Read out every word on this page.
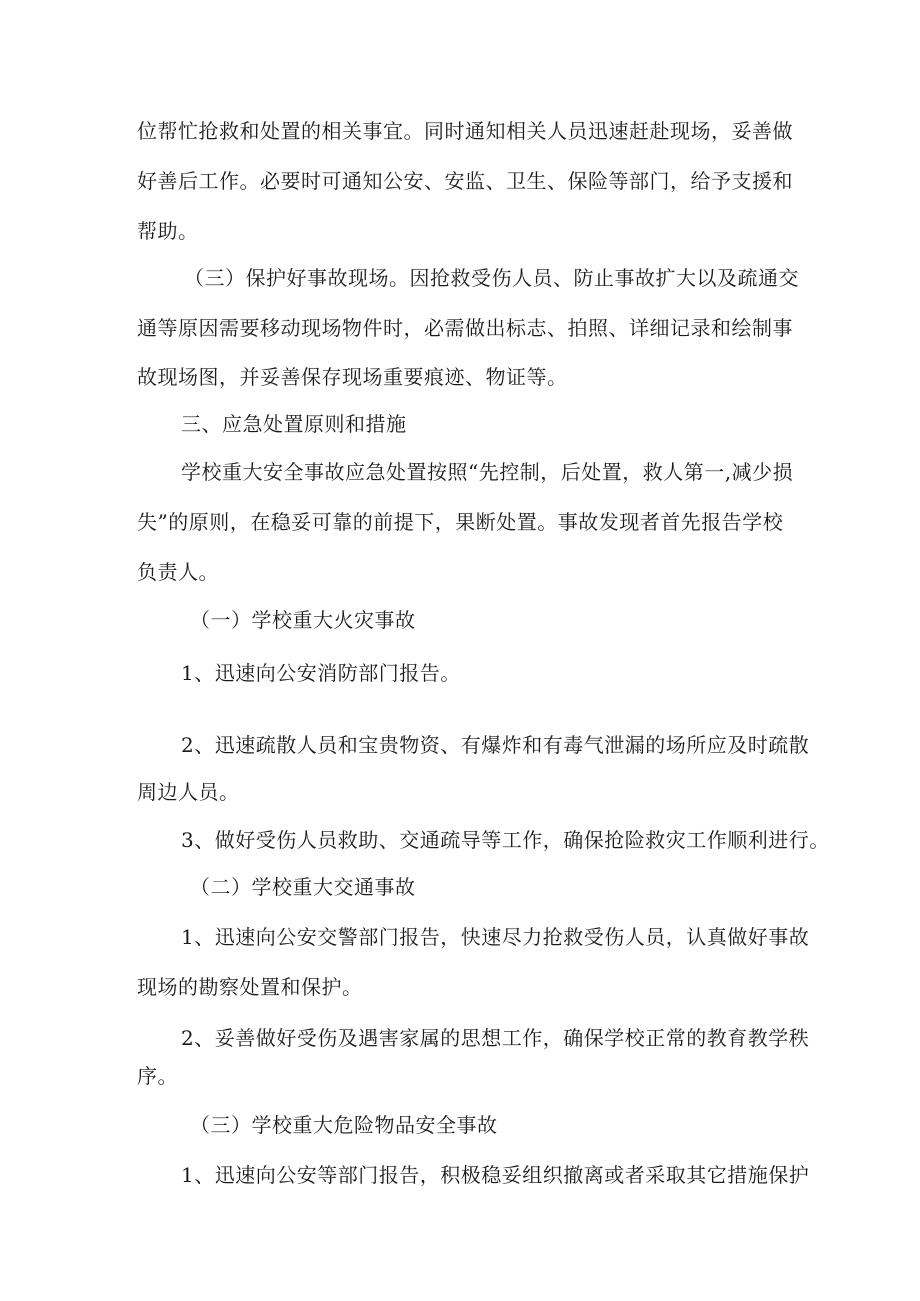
位帮忙抢救和处置的相关事宜。同时通知相关人员迅速赶赴现场，妥善做
好善后工作。必要时可通知公安、安监、卫生、保险等部门，给予支援和
帮助。
（三）保护好事故现场。因抢救受伤人员、防止事故扩大以及疏通交
通等原因需要移动现场物件时，必需做出标志、拍照、详细记录和绘制事
故现场图，并妥善保存现场重要痕迹、物证等。
三、应急处置原则和措施
学校重大安全事故应急处置按照“先控制，后处置，救人第一,减少损
失”的原则，在稳妥可靠的前提下，果断处置。事故发现者首先报告学校
负责人。
（一）学校重大火灾事故
1、迅速向公安消防部门报告。
2、迅速疏散人员和宝贵物资、有爆炸和有毒气泄漏的场所应及时疏散
周边人员。
3、做好受伤人员救助、交通疏导等工作，确保抢险救灾工作顺利进行。
（二）学校重大交通事故
1、迅速向公安交警部门报告，快速尽力抢救受伤人员，认真做好事故
现场的勘察处置和保护。
2、妥善做好受伤及遇害家属的思想工作，确保学校正常的教育教学秩
序。
（三）学校重大危险物品安全事故
1、迅速向公安等部门报告，积极稳妥组织撤离或者采取其它措施保护
